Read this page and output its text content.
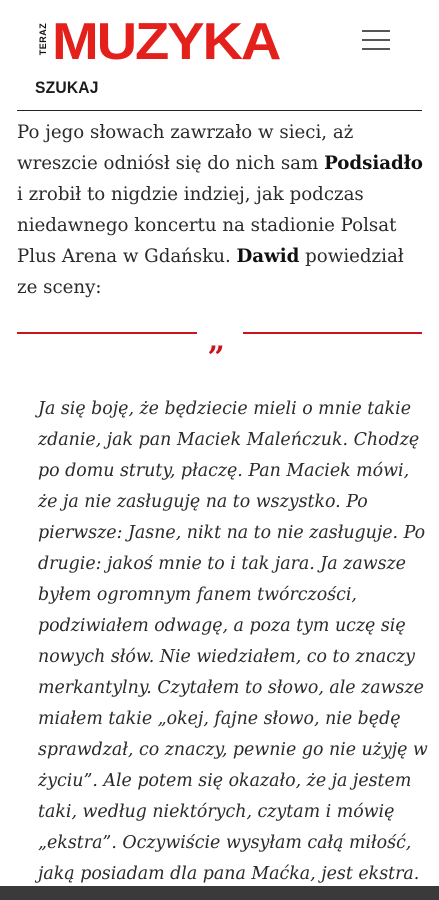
TERAZ MUZYKA
SZUKAJ

Po jego słowach zawrzało w sieci, aż wreszcie odniósł się do nich sam Podsiadło i zrobił to nigdzie indziej, jak podczas niedawnego koncertu na stadionie Polsat Plus Arena w Gdańsku. Dawid powiedział ze sceny:

„

Ja się boję, że będziecie mieli o mnie takie zdanie, jak pan Maciek Maleńczuk. Chodzę po domu struty, płaczę. Pan Maciek mówi, że ja nie zasługuję na to wszystko. Po pierwsze: Jasne, nikt na to nie zasługuje. Po drugie: jakoś mnie to i tak jara. Ja zawsze byłem ogromnym fanem twórczości, podziwiałem odwagę, a poza tym uczę się nowych słów. Nie wiedziałem, co to znaczy merkantylny. Czytałem to słowo, ale zawsze miałem takie „okej, fajne słowo, nie będę sprawdzał, co znaczy, pewnie go nie użyję w życiu”. Ale potem się okazało, że ja jestem taki, według niektórych, czytam i mówię „ekstra”. Oczywiście wysyłam całą miłość, jaką posiadam dla pana Maćka, jest ekstra.
